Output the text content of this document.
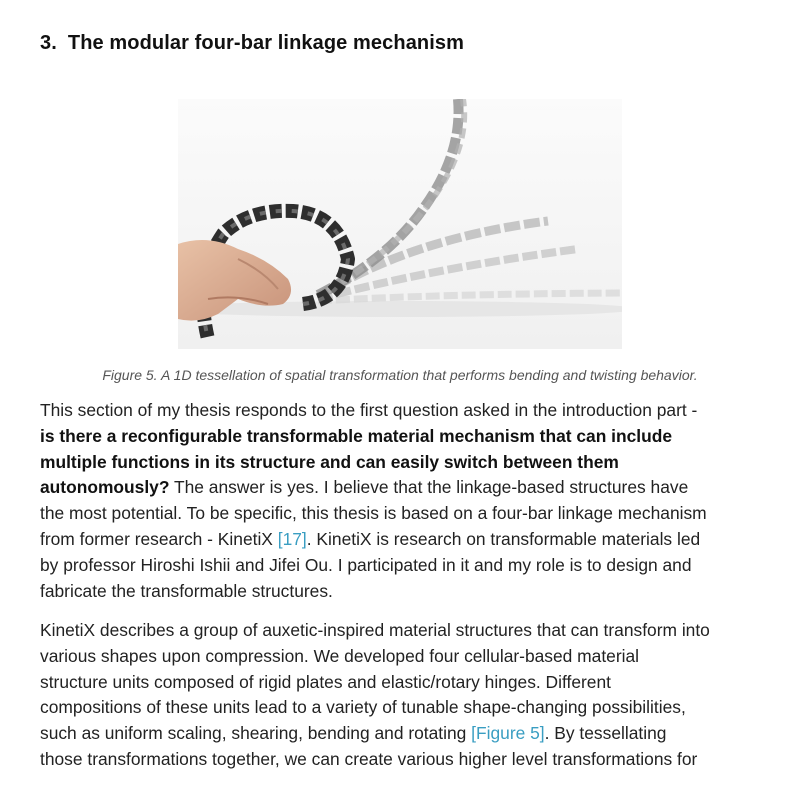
3. The modular four-bar linkage mechanism

Figure 5. A 1D tessellation of spatial transformation that performs bending and twisting behavior.

This section of my thesis responds to the first question asked in the introduction part -
is there a reconfigurable transformable material mechanism that can include
multiple functions in its structure and can easily switch between them
autonomously? The answer is yes. I believe that the linkage-based structures have
the most potential. To be specific, this thesis is based on a four-bar linkage mechanism
from former research - KinetiX [17]. KinetiX is research on transformable materials led
by professor Hiroshi Ishii and Jifei Ou. I participated in it and my role is to design and
fabricate the transformable structures.

KinetiX describes a group of auxetic-inspired material structures that can transform into
various shapes upon compression. We developed four cellular-based material
structure units composed of rigid plates and elastic/rotary hinges. Different
compositions of these units lead to a variety of tunable shape-changing possibilities,
such as uniform scaling, shearing, bending and rotating [Figure 5]. By tessellating
those transformations together, we can create various higher level transformations for
